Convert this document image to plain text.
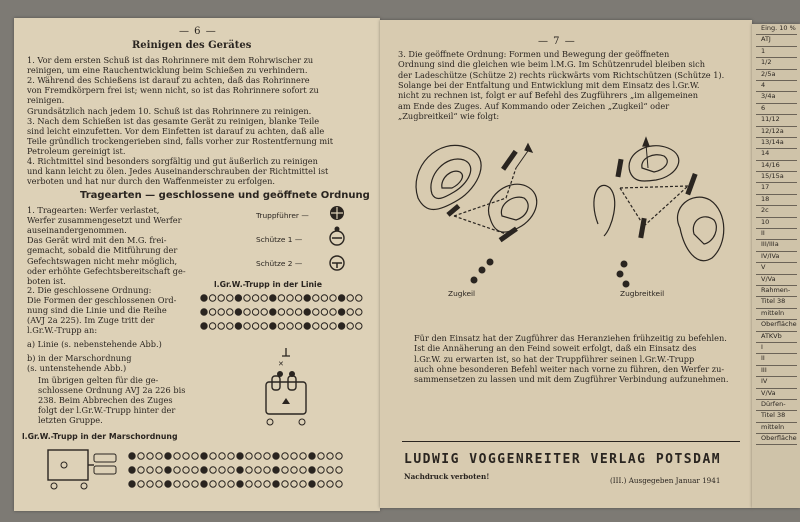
— 6 —
Reinigen des Gerätes
1. Vor dem ersten Schuß ist das Rohrinnere mit dem Rohrwischer zu
reinigen, um eine Rauchentwicklung beim Schießen zu verhindern.
2. Während des Schießens ist darauf zu achten, daß das Rohrinnere
von Fremdkörpern frei ist; wenn nicht, so ist das Rohrinnere sofort zu
reinigen.
Grundsätzlich nach jedem 10. Schuß ist das Rohrinnere zu reinigen.
3. Nach dem Schießen ist das gesamte Gerät zu reinigen, blanke Teile
sind leicht einzufetten. Vor dem Einfetten ist darauf zu achten, daß alle
Teile gründlich trockengerieben sind, falls vorher zur Rostentfernung mit
Petroleum gereinigt ist.
4. Richtmittel sind besonders sorgfältig und gut äußerlich zu reinigen
und kann leicht zu ölen. Jedes Auseinanderschrauben der Richtmittel ist
verboten und hat nur durch den Waffenmeister zu erfolgen.
Tragearten — geschlossene und geöffnete Ordnung
1. Tragearten: Werfer verlastet,
Werfer zusammengesetzt und Werfer
auseinandergenommen.
Das Gerät wird mit den M.G. frei-
gemacht, sobald die Mitführung der
Gefechtswagen nicht mehr möglich,
oder erhöhte Gefechtsbereitschaft ge-
boten ist.
Truppführer —
Schütze 1 —
Schütze 2 —
l.Gr.W.-Trupp in der Linie
✕
2. Die geschlossene Ordnung:
Die Formen der geschlossenen Ord-
nung sind die Linie und die Reihe
(AVJ 2a 225). Im Zuge tritt der
l.Gr.W.-Trupp an:
a) Linie (s. nebenstehende Abb.)
b) in der Marschordnung
(s. untenstehende Abb.)
Im übrigen gelten für die ge-
schlossene Ordnung AVJ 2a 226 bis
238. Beim Abbrechen des Zuges
folgt der l.Gr.W.-Trupp hinter der
letzten Gruppe.
l.Gr.W.-Trupp in der Marschordnung
— 7 —
3. Die geöffnete Ordnung: Formen und Bewegung der geöffneten
Ordnung sind die gleichen wie beim l.M.G. Im Schützenrudel bleiben sich
der Ladeschütze (Schütze 2) rechts rückwärts vom Richtschützen (Schütze 1).
Solange bei der Entfaltung und Entwicklung mit dem Einsatz des l.Gr.W.
nicht zu rechnen ist, folgt er auf Befehl des Zugführers „im allgemeinen
am Ende des Zuges. Auf Kommando oder Zeichen „Zugkeil“ oder
„Zugbreitkeil“ wie folgt:
Zugkeil	Zugbreitkeil
Für den Einsatz hat der Zugführer das Heranziehen frühzeitig zu befehlen.
Ist die Annäherung an den Feind soweit erfolgt, daß ein Einsatz des
l.Gr.W. zu erwarten ist, so hat der Truppführer seinen l.Gr.W.-Trupp
auch ohne besonderen Befehl weiter nach vorne zu führen, den Werfer zu-
sammensetzen zu lassen und mit dem Zugführer Verbindung aufzunehmen.
LUDWIG VOGGENREITER VERLAG POTSDAM
Nachdruck verboten!	(III.) Ausgegeben Januar 1941
Eing. 10 %
ATJ
1
1/2
2/5a
4
3/4a
6
11/12
12/12a
13/14a
14
14/16
15/15a
17
18
2c
10
II
III/IIIa
IV/IVa
V
V/Va
Rahmen-
Titel 38
mitteln
Oberfläche
ATKVb
I
II
III
IV
V/Va
Dürfen-
Titel 38
mitteln
Oberfläche
